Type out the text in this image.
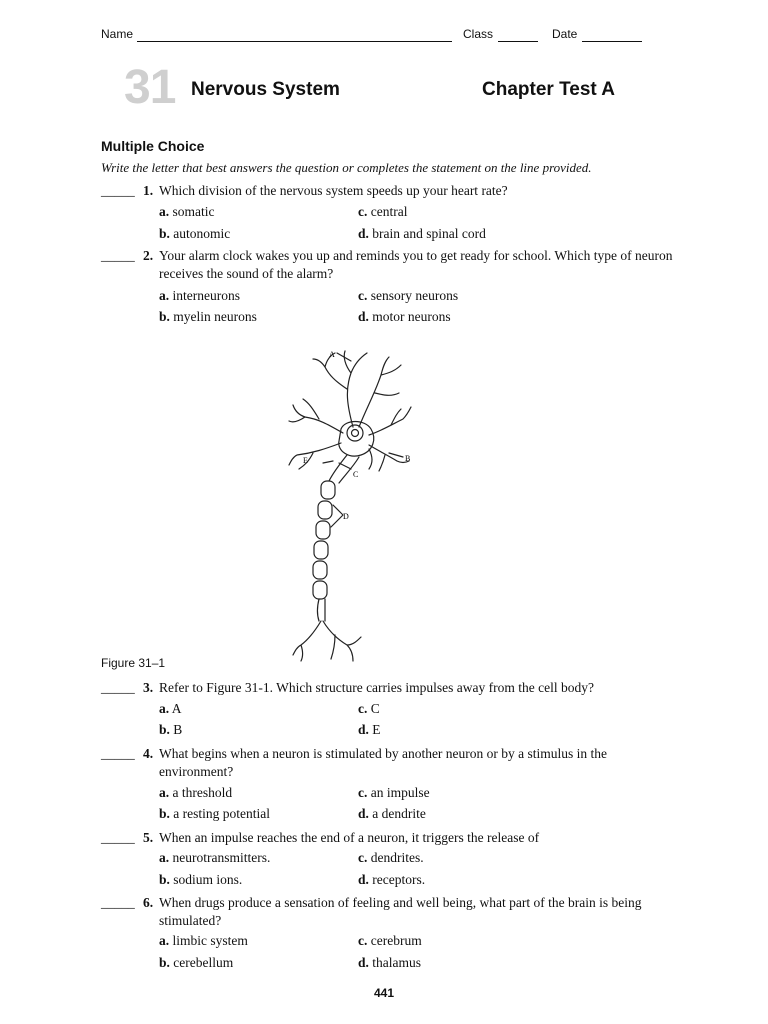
Name	Class	Date
31 Nervous System	Chapter Test A
Multiple Choice
Write the letter that best answers the question or completes the statement on the line provided.
_____ 1. Which division of the nervous system speeds up your heart rate?
a. somatic
b. autonomic
c. central
d. brain and spinal cord
_____ 2. Your alarm clock wakes you up and reminds you to get ready for school. Which type of neuron receives the sound of the alarm?
a. interneurons
b. myelin neurons
c. sensory neurons
d. motor neurons
A
B
C
D
E
Figure 31–1
_____ 3. Refer to Figure 31-1. Which structure carries impulses away from the cell body?
a. A
b. B
c. C
d. E
_____ 4. What begins when a neuron is stimulated by another neuron or by a stimulus in the environment?
a. a threshold
b. a resting potential
c. an impulse
d. a dendrite
_____ 5. When an impulse reaches the end of a neuron, it triggers the release of
a. neurotransmitters.
b. sodium ions.
c. dendrites.
d. receptors.
_____ 6. When drugs produce a sensation of feeling and well being, what part of the brain is being stimulated?
a. limbic system
b. cerebellum
c. cerebrum
d. thalamus
441
